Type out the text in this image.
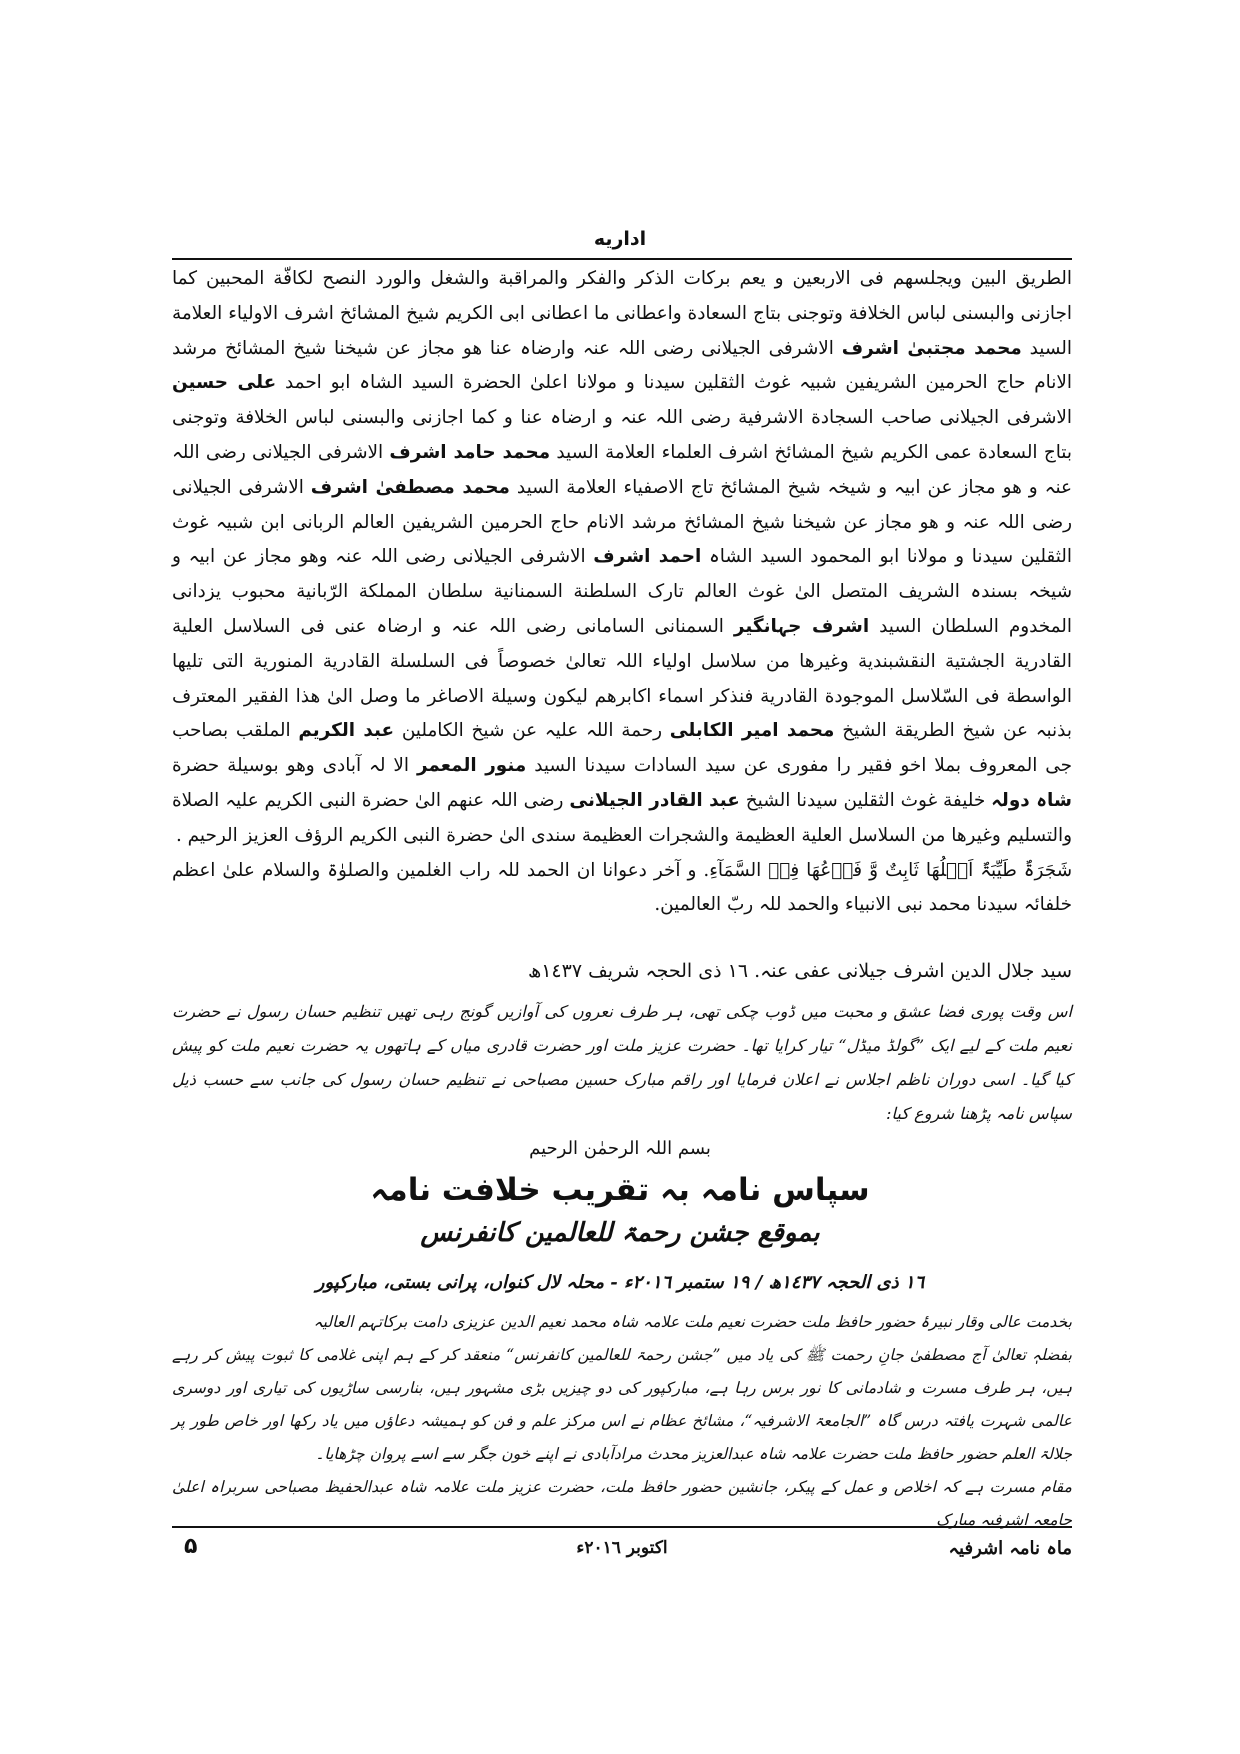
اداریه

الطریق البین ویجلسھم فی الاربعین و یعم برکات الذکر والفکر والمراقبة والشغل والورد النصح لکافّة المحبین کما اجازنی والبسنی لباس الخلافة وتوجنی بتاج السعادة واعطانی ما اعطانی ابی الکریم شیخ المشائخ اشرف الاولیاء العلامة السید محمد مجتبیٰ اشرف الاشرفی الجیلانی رضی اللہ عنہ وارضاہ عنا ھو مجاز عن شیخنا شیخ المشائخ مرشد الانام حاج الحرمین الشریفین شبیہ غوث الثقلین سیدنا و مولانا اعلیٰ الحضرة السید الشاہ ابو احمد علی حسین الاشرفی الجیلانی صاحب السجادة الاشرفیة رضی اللہ عنہ و ارضاہ عنا و کما اجازنی والبسنی لباس الخلافة وتوجنی بتاج السعادة عمی الکریم شیخ المشائخ اشرف العلماء العلامة السید محمد حامد اشرف الاشرفی الجیلانی رضی اللہ عنہ و ھو مجاز عن ابیہ و شیخہ شیخ المشائخ تاج الاصفیاء العلامة السید محمد مصطفیٰ اشرف الاشرفی الجیلانی رضی اللہ عنہ و ھو مجاز عن شیخنا شیخ المشائخ مرشد الانام حاج الحرمین الشریفین العالم الربانی ابن شبیہ غوث الثقلین سیدنا و مولانا ابو المحمود السید الشاہ احمد اشرف الاشرفی الجیلانی رضی اللہ عنہ وھو مجاز عن ابیہ و شیخہ بسندہ الشریف المتصل الیٰ غوث العالم تارک السلطنة السمنانیة سلطان المملکة الرّبانیة محبوب یزدانی المخدوم السلطان السید اشرف جہانگیر السمنانی السامانی رضی اللہ عنہ و ارضاہ عنی فی السلاسل العلیة القادریة الجشتیة النقشبندیة وغیرھا من سلاسل اولیاء اللہ تعالیٰ خصوصاً فی السلسلة القادریة المنوریة التی تلیھا الواسطة فی السّلاسل الموجودة القادریة فنذکر اسماء اکابرھم لیکون وسیلة الاصاغر ما وصل الیٰ ھذا الفقیر المعترف بذنبہ عن شیخ الطریقة الشیخ محمد امیر الکابلی رحمة اللہ علیہ عن شیخ الکاملین عبد الکریم الملقب بصاحب جی المعروف بملا اخو فقیر را مفوری عن سید السادات سیدنا السید منور المعمر الا لہ آبادی وھو بوسیلة حضرة شاہ دولہ خلیفة غوث الثقلین سیدنا الشیخ عبد القادر الجیلانی رضی اللہ عنھم الیٰ حضرة النبی الکریم علیہ الصلاة والتسلیم وغیرھا من السلاسل العلیة العظیمة والشجرات العظیمة سندی الیٰ حضرة النبی الکریم الرؤف العزیز الرحیم .

شَجَرَۃٌ طَیِّبَۃٌ اَصۡلُھَا ثَابِتٌ وَّ فَرۡعُھَا فِیۡ السَّمَآءِ. و آخر دعوانا ان الحمد للہ راب الغلمین والصلوٰۃ والسلام علیٰ اعظم خلفائہ سیدنا محمد نبی الانبیاء والحمد للہ ربّ العالمین.

سید جلال الدین اشرف جیلانی عفی عنہ. ١٦ ذی الحجہ شریف ١٤٣٧ھ
اس وقت پوری فضا عشق و محبت میں ڈوب چکی تھی، ہر طرف نعروں کی آوازیں گونج رہی تھیں تنظیم حسان رسول نے حضرت نعیم ملت کے لیے ایک ”گولڈ میڈل“ تیار کرایا تھا۔ حضرت عزیز ملت اور حضرت قادری میاں کے ہاتھوں یہ حضرت نعیم ملت کو پیش کیا گیا۔ اسی دوران ناظم اجلاس نے اعلان فرمایا اور راقم مبارک حسین مصباحی نے تنظیم حسان رسول کی جانب سے حسب ذیل سپاس نامہ پڑھنا شروع کیا:
بسم اللہ الرحمٰن الرحیم
سپاس نامہ بہ تقریب خلافت نامہ
بموقع جشن رحمۃ للعالمین کانفرنس
١٦ ذی الحجہ ١٤٣٧ھ / ١٩ ستمبر ٢٠١٦ء - محلہ لال کنواں، پرانی بستی، مبارکپور

بخدمت عالی وقار نبیرۂ حضور حافظ ملت حضرت نعیم ملت علامہ شاہ محمد نعیم الدین عزیزی دامت برکاتہم العالیہ

بفضلہٖ تعالیٰ آج مصطفیٰ جانِ رحمت ﷺ کی یاد میں ”جشن رحمۃ للعالمین کانفرنس“ منعقد کر کے ہم اپنی غلامی کا ثبوت پیش کر رہے ہیں، ہر طرف مسرت و شادمانی کا نور برس رہا ہے، مبارکپور کی دو چیزیں بڑی مشہور ہیں، بنارسی ساڑیوں کی تیاری اور دوسری عالمی شہرت یافتہ درس گاہ ”الجامعۃ الاشرفیہ“، مشائخ عظام نے اس مرکز علم و فن کو ہمیشہ دعاؤں میں یاد رکھا اور خاص طور پر جلالۃ العلم حضور حافظ ملت حضرت علامہ شاہ عبدالعزیز محدث مرادآبادی نے اپنے خون جگر سے اسے پروان چڑھایا۔

مقام مسرت ہے کہ اخلاص و عمل کے پیکر، جانشین حضور حافظ ملت، حضرت عزیز ملت علامہ شاہ عبدالحفیظ مصباحی سربراہ اعلیٰ جامعہ اشرفیہ مبارک

ماہ نامہ اشرفیہ
اکتوبر ٢٠١٦ء
۵
